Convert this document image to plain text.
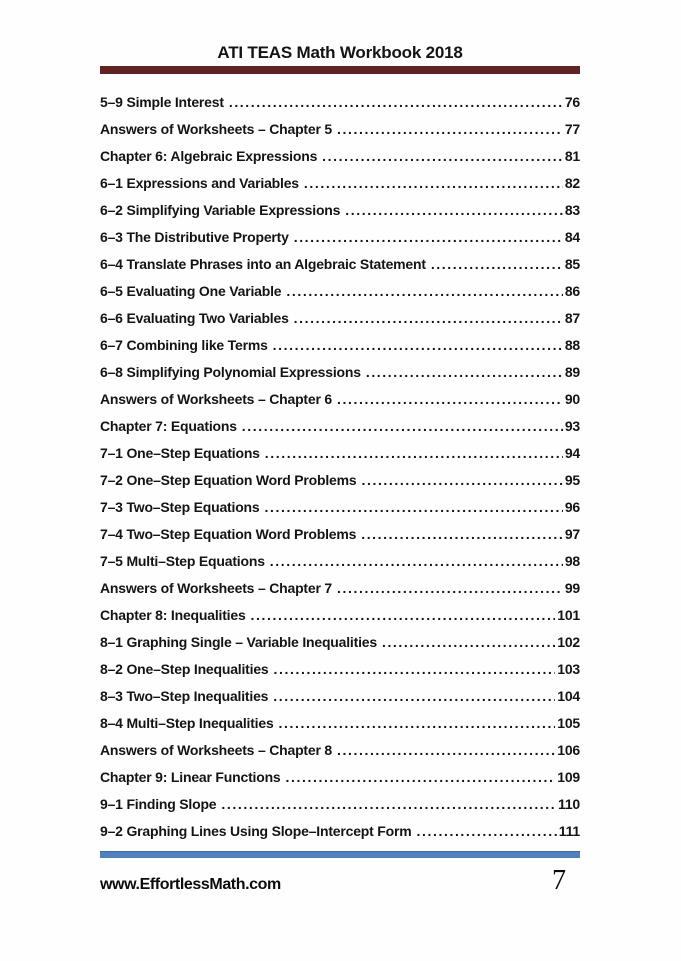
ATI TEAS Math Workbook 2018
5–9 Simple Interest .....	76
Answers of Worksheets – Chapter 5 .....	77
Chapter 6: Algebraic Expressions .....	81
6–1 Expressions and Variables .....	82
6–2 Simplifying Variable Expressions .....	83
6–3 The Distributive Property .....	84
6–4 Translate Phrases into an Algebraic Statement .....	85
6–5 Evaluating One Variable .....	86
6–6 Evaluating Two Variables .....	87
6–7 Combining like Terms .....	88
6–8 Simplifying Polynomial Expressions .....	89
Answers of Worksheets – Chapter 6 .....	90
Chapter 7: Equations .....	93
7–1 One–Step Equations .....	94
7–2 One–Step Equation Word Problems .....	95
7–3 Two–Step Equations .....	96
7–4 Two–Step Equation Word Problems .....	97
7–5 Multi–Step Equations .....	98
Answers of Worksheets – Chapter 7 .....	99
Chapter 8: Inequalities .....	101
8–1 Graphing Single – Variable Inequalities .....	102
8–2 One–Step Inequalities .....	103
8–3 Two–Step Inequalities .....	104
8–4 Multi–Step Inequalities .....	105
Answers of Worksheets – Chapter 8 .....	106
Chapter 9: Linear Functions .....	109
9–1 Finding Slope .....	110
9–2 Graphing Lines Using Slope–Intercept Form .....	111
www.EffortlessMath.com	7
